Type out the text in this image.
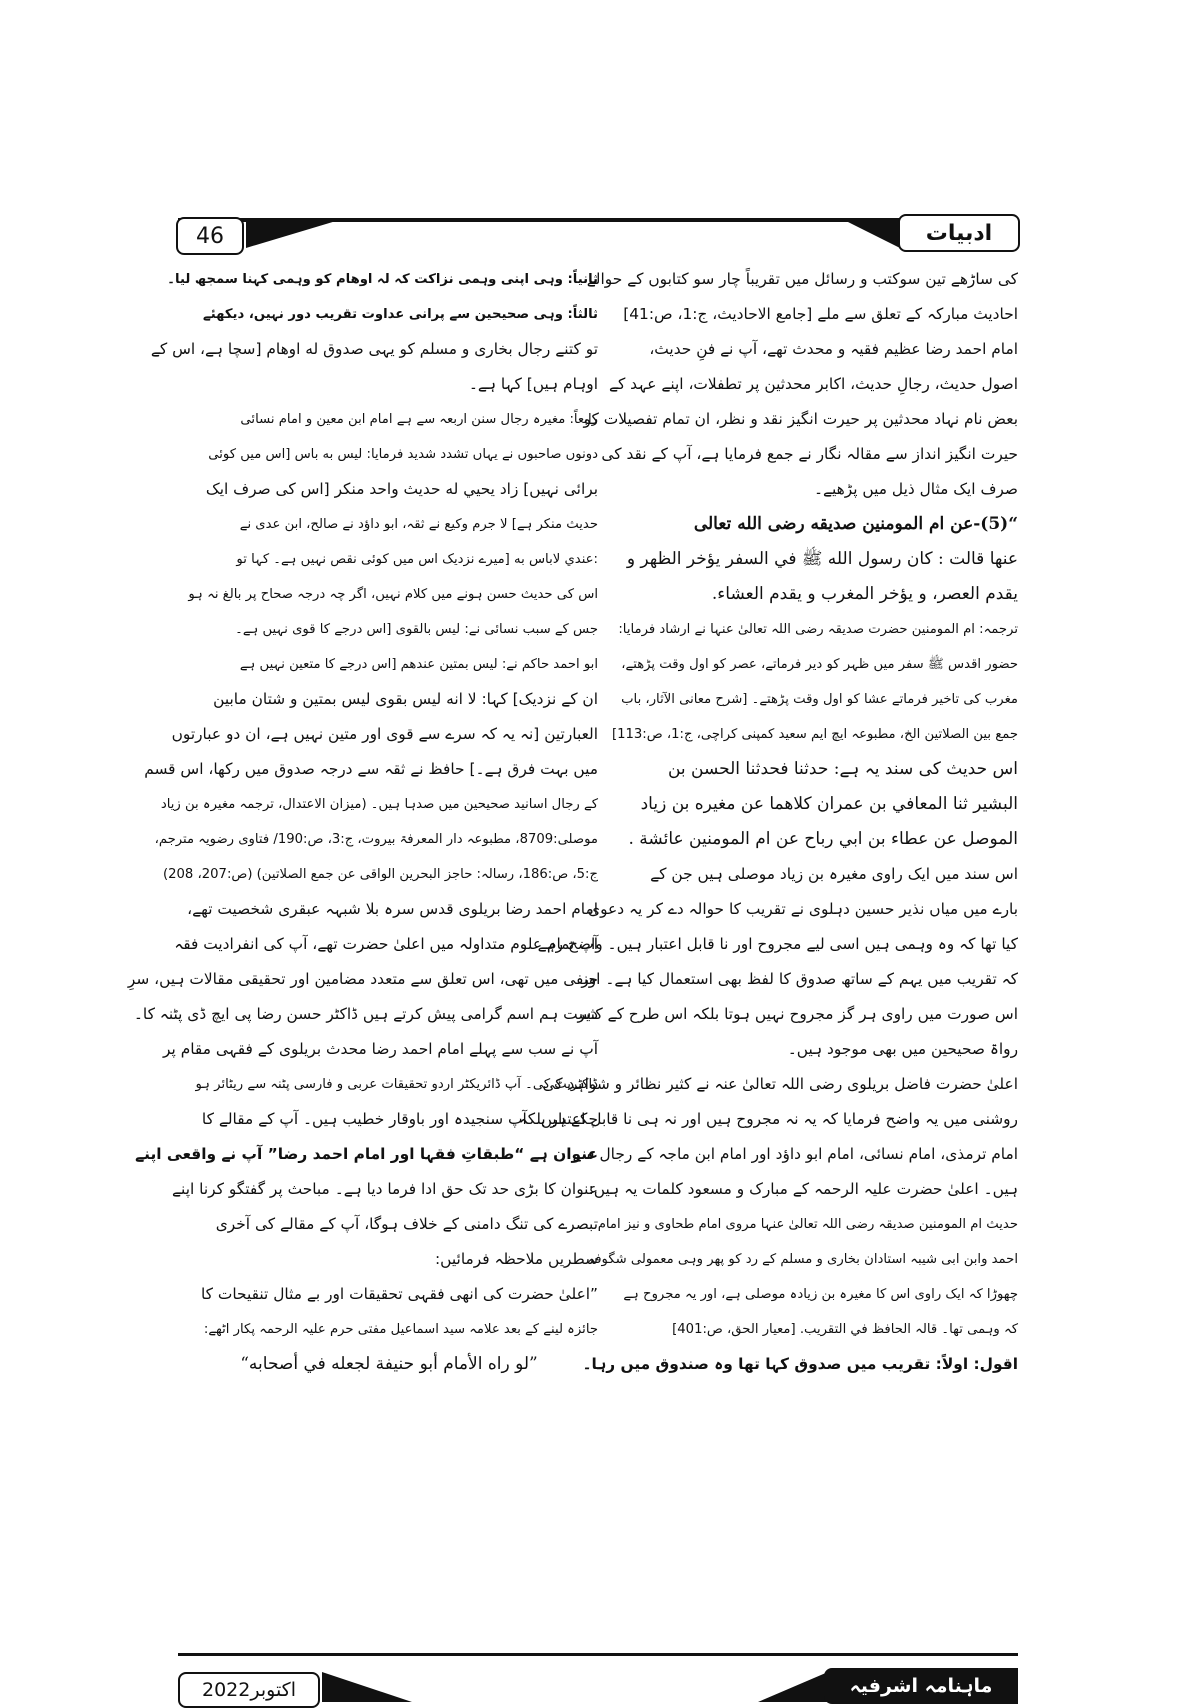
46	ادبیات
کی ساڑھے تین سوکتب و رسائل میں تقریباً چار سو کتابوں کے حوالے
احادیث مبارکہ کے تعلق سے ملے [جامع الاحادیث، ج:1، ص:41]
امام احمد رضا عظیم فقیہ و محدث تھے، آپ نے فنِ حدیث،
اصول حدیث، رجالِ حدیث، اکابر محدثین پر تطفلات، اپنے عہد کے
بعض نام نہاد محدثین پر حیرت انگیز نقد و نظر، ان تمام تفصیلات کو
حیرت انگیز انداز سے مقالہ نگار نے جمع فرمایا ہے، آپ کے نقد کی
صرف ایک مثال ذیل میں پڑھیے۔
“(5)-عن ام المومنين صديقه رضى الله تعالى
عنها قالت : كان رسول الله ﷺ في السفر يؤخر الظهر و
يقدم العصر، و يؤخر المغرب و يقدم العشاء.
ترجمہ: ام المومنین حضرت صدیقہ رضی اللہ تعالیٰ عنہا نے ارشاد فرمایا:
حضور اقدس ﷺ سفر میں ظہر کو دیر فرماتے، عصر کو اول وقت پڑھتے،
مغرب کی تاخیر فرماتے عشا کو اول وقت پڑھتے۔ [شرح معانی الآثار، باب
جمع بین الصلاتین الخ، مطبوعہ ایچ ایم سعید کمپنی کراچی، ج:1، ص:113]
اس حدیث کی سند یہ ہے: حدثنا فحدثنا الحسن بن
البشير ثنا المعافي بن عمران كلاهما عن مغيره بن زياد
الموصل عن عطاء بن ابي رباح عن ام المومنين عائشة .
اس سند میں ایک راوی مغیرہ بن زیاد موصلی ہیں جن کے
بارے میں میاں نذیر حسین دہلوی نے تقریب کا حوالہ دے کر یہ دعوی
کیا تھا کہ وہ وہمی ہیں اسی لیے مجروح اور نا قابل اعتبار ہیں۔ واضح رہے
کہ تقریب میں یہم کے ساتھ صدوق کا لفظ بھی استعمال کیا ہے۔ اور
اس صورت میں راوی ہر گز مجروح نہیں ہوتا بلکہ اس طرح کے کثیر
رواۃ صحیحین میں بھی موجود ہیں۔
اعلیٰ حضرت فاضل بریلوی رضی اللہ تعالیٰ عنہ نے کثیر نظائر و شواہد کی
روشنی میں یہ واضح فرمایا کہ یہ نہ مجروح ہیں اور نہ ہی نا قابل اعتبار بلکہ
امام ترمذی، امام نسائی، امام ابو داؤد اور امام ابن ماجہ کے رجال سے
ہیں۔ اعلیٰ حضرت علیہ الرحمہ کے مبارک و مسعود کلمات یہ ہیں:
حدیث ام المومنین صدیقہ رضی اللہ تعالیٰ عنہا مروی امام طحاوی و نیز امام
احمد وابن ابی شیبہ استادان بخاری و مسلم کے رد کو پھر وہی معمولی شگوفہ
چھوڑا کہ ایک راوی اس کا مغیرہ بن زیادہ موصلی ہے، اور یہ مجروح ہے
کہ وہمی تھا۔ قالہ الحافظ في التقريب. [معیار الحق، ص:401]
اقول: اولاً: تقریب میں صدوق کہا تھا وہ صندوق میں رہا۔
ثانیاً: وہی اپنی وہمی نزاکت کہ لہ اوھام کو وہمی کہنا سمجھ لیا۔
ثالثاً: وہی صحیحین سے پرانی عداوت تقریب دور نہیں، دیکھئے
تو کتنے رجال بخاری و مسلم کو یہی صدوق له اوهام [سچا ہے، اس کے
اوہام ہیں] کہا ہے۔
رابعاً: مغیرہ رجال سنن اربعہ سے ہے امام ابن معین و امام نسائی
دونوں صاحبوں نے یہاں تشدد شدید فرمایا: ليس به باس [اس میں کوئی
برائی نہیں] زاد يحيي له حديث واحد منكر [اس کی صرف ایک
حدیث منکر ہے] لا جرم وکیع نے ثقہ، ابو داؤد نے صالح، ابن عدی نے
:عندي لاباس به [میرے نزدیک اس میں کوئی نقص نہیں ہے۔ کہا تو
اس کی حدیث حسن ہونے میں کلام نہیں، اگر چہ درجہ صحاح پر بالغ نہ ہو
جس کے سبب نسائی نے: ليس بالقوى [اس درجے کا قوی نہیں ہے۔
ابو احمد حاکم نے: ليس بمتين عندهم [اس درجے کا متعین نہیں ہے
ان کے نزدیک] کہا: لا انه ليس بقوى ليس بمتين و شتان مابين
العبارتين [نہ یہ کہ سرے سے قوی اور متین نہیں ہے، ان دو عبارتوں
میں بہت فرق ہے۔] حافظ نے ثقہ سے درجہ صدوق میں رکھا، اس قسم
کے رجال اسانید صحیحین میں صدہا ہیں۔ (میزان الاعتدال، ترجمہ مغیرہ بن زیاد
موصلی:8709، مطبوعہ دار المعرفۃ بیروت، ج:3، ص:190/ فتاوی رضویہ مترجم،
ج:5، ص:186، رسالہ: حاجز البحرین الواقی عن جمع الصلاتین) (ص:207، 208)
امام احمد رضا بریلوی قدس سرہ بلا شبہہ عبقری شخصیت تھے،
آپ تمام علوم متداولہ میں اعلیٰ حضرت تھے، آپ کی انفرادیت فقہ
حنفی میں تھی، اس تعلق سے متعدد مضامین اور تحقیقی مقالات ہیں، سرِ
دست ہم اسم گرامی پیش کرتے ہیں ڈاکٹر حسن رضا پی ایچ ڈی پٹنہ کا۔
آپ نے سب سے پہلے امام احمد رضا محدث بریلوی کے فقہی مقام پر
ڈاکٹریٹ کی۔ آپ ڈائریکٹر اردو تحقیقات عربی و فارسی پٹنہ سے ریٹائر ہو
چکے ہیں۔ آپ سنجیدہ اور باوقار خطیب ہیں۔ آپ کے مقالے کا
عنوان ہے “طبقاتِ فقہا اور امام احمد رضا” آپ نے واقعی اپنے
عنوان کا بڑی حد تک حق ادا فرما دیا ہے۔ مباحث پر گفتگو کرنا اپنے
تبصرے کی تنگ دامنی کے خلاف ہوگا، آپ کے مقالے کی آخری
سطریں ملاحظہ فرمائیں:
”اعلیٰ حضرت کی انھی فقہی تحقیقات اور بے مثال تنقیحات کا
جائزہ لینے کے بعد علامہ سید اسماعیل مفتی حرم علیہ الرحمہ پکار اٹھے:
”لو راه الأمام أبو حنيفة لجعله في أصحابه“
اکتوبر2022	ماہنامہ اشرفیہ
